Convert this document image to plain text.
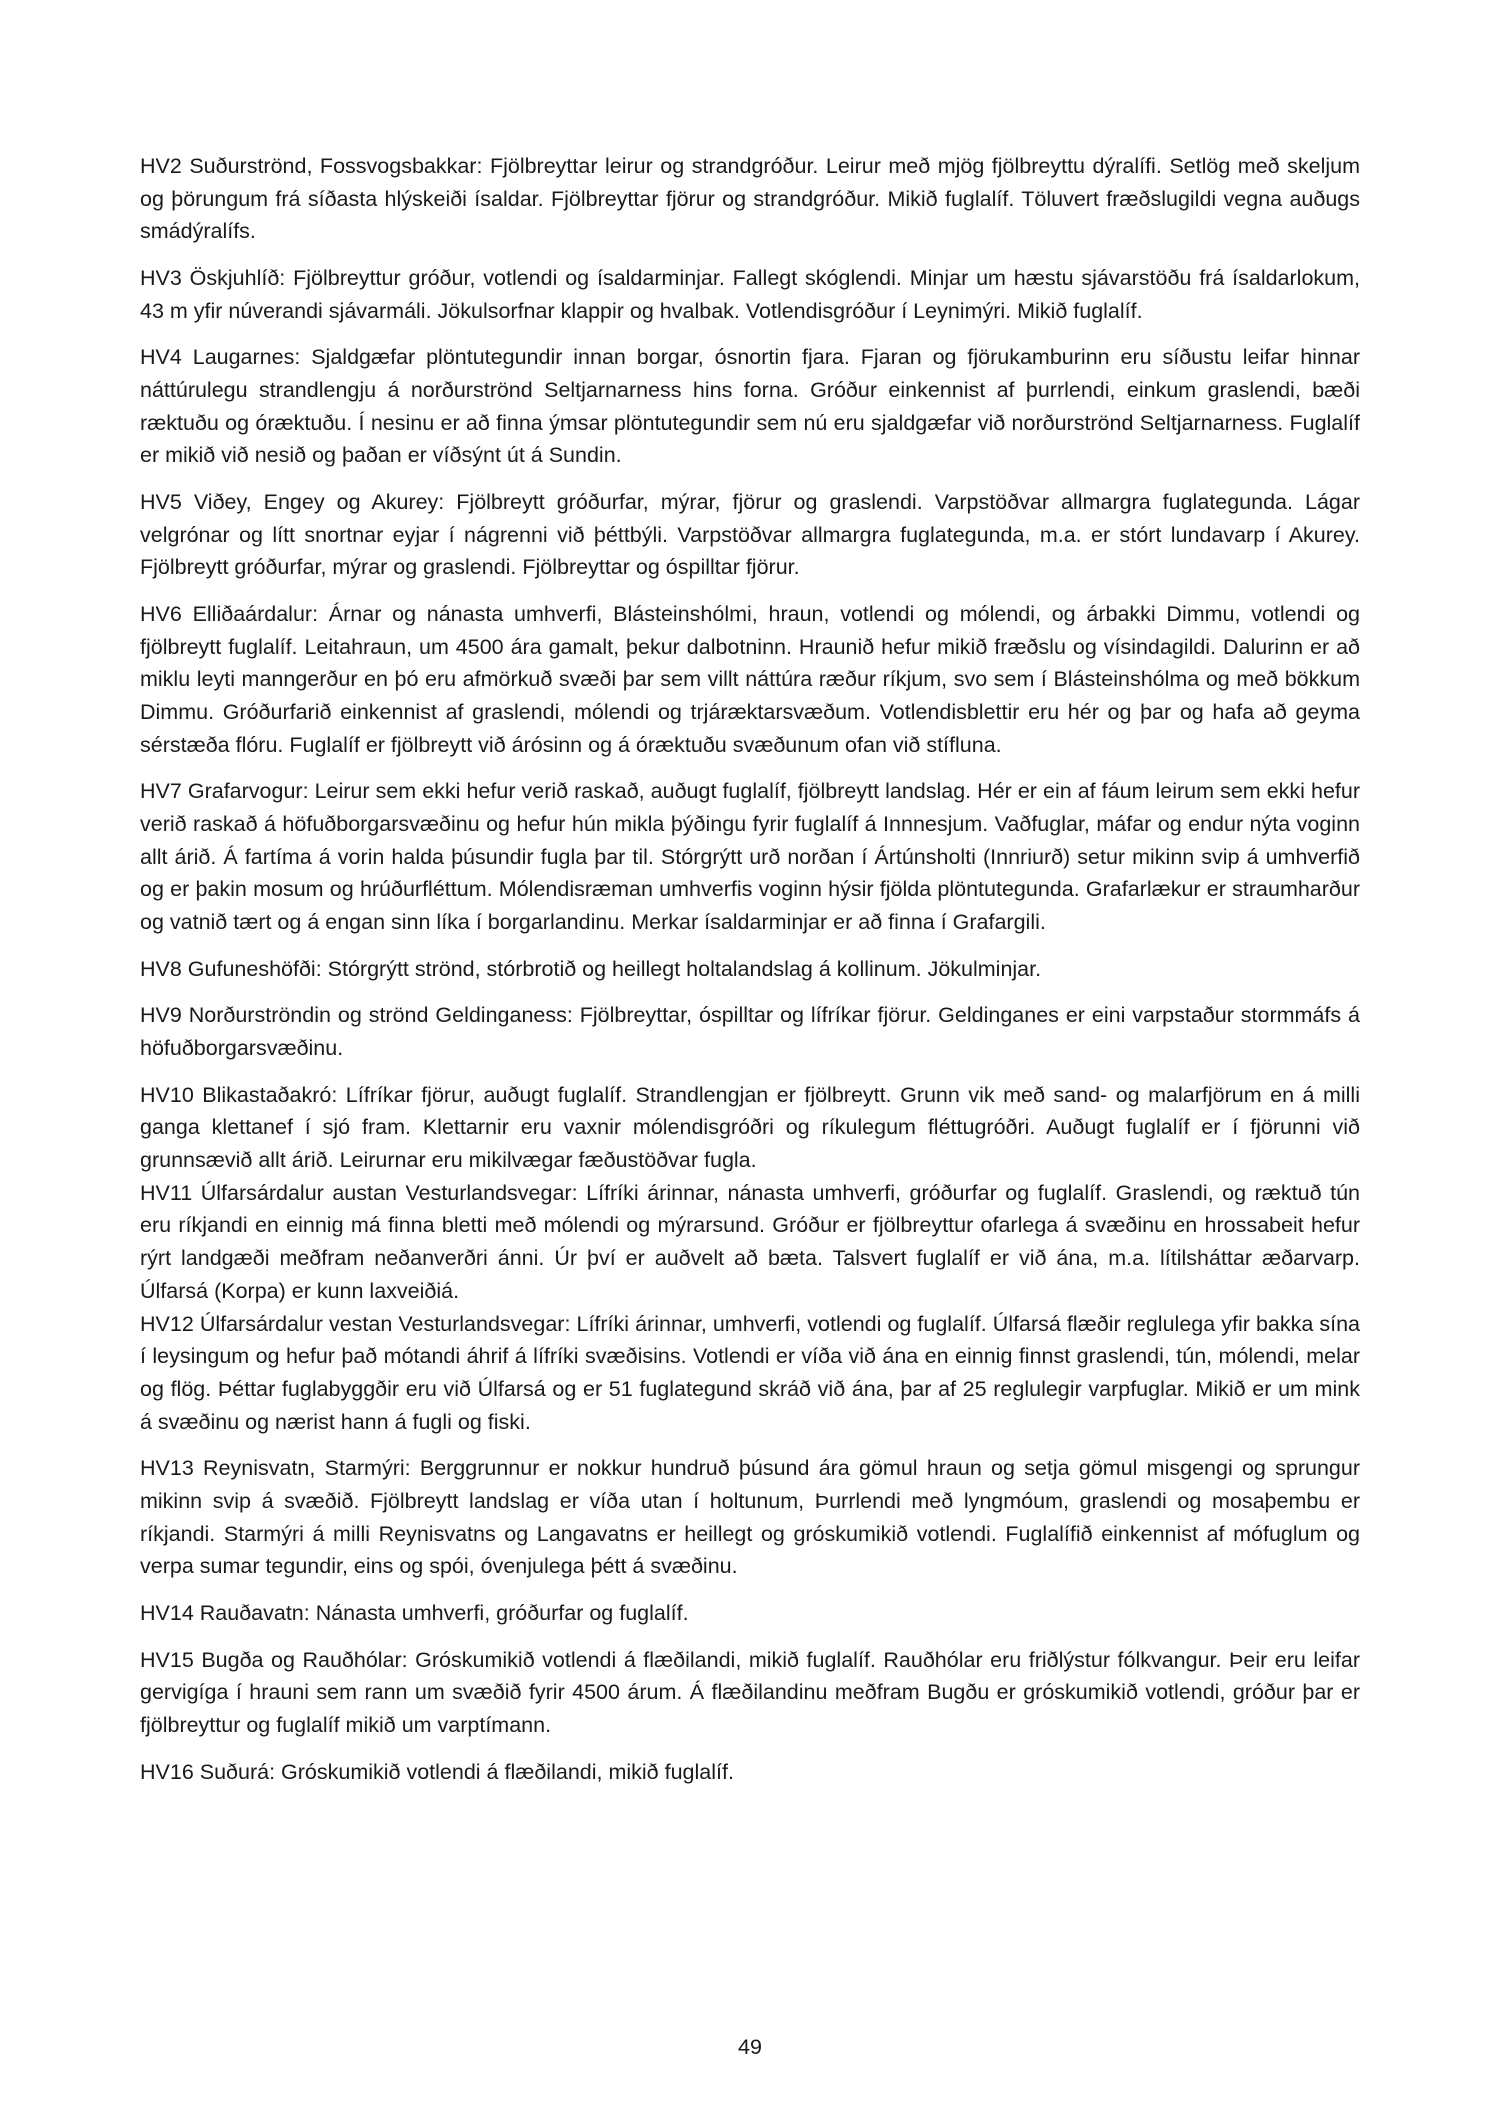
HV2 Suðurströnd, Fossvogsbakkar: Fjölbreyttar leirur og strandgróður. Leirur með mjög fjölbreyttu dýralífi. Setlög með skeljum og þörungum frá síðasta hlýskeiði ísaldar. Fjölbreyttar fjörur og strandgróður. Mikið fuglalíf. Töluvert fræðslugildi vegna auðugs smádýralífs.

HV3 Öskjuhlíð: Fjölbreyttur gróður, votlendi og ísaldarminjar. Fallegt skóglendi. Minjar um hæstu sjávarstöðu frá ísaldarlokum, 43 m yfir núverandi sjávarmáli. Jökulsorfnar klappir og hvalbak. Votlendisgróður í Leynimýri. Mikið fuglalíf.

HV4 Laugarnes: Sjaldgæfar plöntutegundir innan borgar, ósnortin fjara. Fjaran og fjörukamburinn eru síðustu leifar hinnar náttúrulegu strandlengju á norðurströnd Seltjarnarness hins forna. Gróður einkennist af þurrlendi, einkum graslendi, bæði ræktuðu og óræktuðu. Í nesinu er að finna ýmsar plöntutegundir sem nú eru sjaldgæfar við norðurströnd Seltjarnarness. Fuglalíf er mikið við nesið og þaðan er víðsýnt út á Sundin.

HV5 Viðey, Engey og Akurey: Fjölbreytt gróðurfar, mýrar, fjörur og graslendi. Varpstöðvar allmargra fuglategunda. Lágar velgrónar og lítt snortnar eyjar í nágrenni við þéttbýli. Varpstöðvar allmargra fuglategunda, m.a. er stórt lundavarp í Akurey. Fjölbreytt gróðurfar, mýrar og graslendi. Fjölbreyttar og óspilltar fjörur.

HV6 Elliðaárdalur: Árnar og nánasta umhverfi, Blásteinshólmi, hraun, votlendi og mólendi, og árbakki Dimmu, votlendi og fjölbreytt fuglalíf. Leitahraun, um 4500 ára gamalt, þekur dalbotninn. Hraunið hefur mikið fræðslu og vísindagildi. Dalurinn er að miklu leyti manngerður en þó eru afmörkuð svæði þar sem villt náttúra ræður ríkjum, svo sem í Blásteinshólma og með bökkum Dimmu. Gróðurfarið einkennist af graslendi, mólendi og trjáræktarsvæðum. Votlendisblettir eru hér og þar og hafa að geyma sérstæða flóru. Fuglalíf er fjölbreytt við árósinn og á óræktuðu svæðunum ofan við stífluna.

HV7 Grafarvogur: Leirur sem ekki hefur verið raskað, auðugt fuglalíf, fjölbreytt landslag. Hér er ein af fáum leirum sem ekki hefur verið raskað á höfuðborgarsvæðinu og hefur hún mikla þýðingu fyrir fuglalíf á Innnesjum. Vaðfuglar, máfar og endur nýta voginn allt árið. Á fartíma á vorin halda þúsundir fugla þar til. Stórgrýtt urð norðan í Ártúnsholti (Innriurð) setur mikinn svip á umhverfið og er þakin mosum og hrúðurfléttum. Mólendisræman umhverfis voginn hýsir fjölda plöntutegunda. Grafarlækur er straumharður og vatnið tært og á engan sinn líka í borgarlandinu. Merkar ísaldarminjar er að finna í Grafargili.

HV8 Gufuneshöfði: Stórgrýtt strönd, stórbrotið og heillegt holtalandslag á kollinum. Jökulminjar.

HV9 Norðurströndin og strönd Geldinganess: Fjölbreyttar, óspilltar og lífríkar fjörur. Geldinganes er eini varpstaður stormmáfs á höfuðborgarsvæðinu.

HV10 Blikastaðakró: Lífríkar fjörur, auðugt fuglalíf. Strandlengjan er fjölbreytt. Grunn vik með sand- og malarfjörum en á milli ganga klettanef í sjó fram. Klettarnir eru vaxnir mólendisgróðri og ríkulegum fléttugróðri. Auðugt fuglalíf er í fjörunni við grunnsævið allt árið. Leirurnar eru mikilvægar fæðustöðvar fugla.

HV11 Úlfarsárdalur austan Vesturlandsvegar: Lífríki árinnar, nánasta umhverfi, gróðurfar og fuglalíf. Graslendi, og ræktuð tún eru ríkjandi en einnig má finna bletti með mólendi og mýrarsund. Gróður er fjölbreyttur ofarlega á svæðinu en hrossabeit hefur rýrt landgæði meðfram neðanverðri ánni. Úr því er auðvelt að bæta. Talsvert fuglalíf er við ána, m.a. lítilsháttar æðarvarp. Úlfarsá (Korpa) er kunn laxveiðiá.

HV12 Úlfarsárdalur vestan Vesturlandsvegar: Lífríki árinnar, umhverfi, votlendi og fuglalíf. Úlfarsá flæðir reglulega yfir bakka sína í leysingum og hefur það mótandi áhrif á lífríki svæðisins. Votlendi er víða við ána en einnig finnst graslendi, tún, mólendi, melar og flög. Þéttar fuglabyggðir eru við Úlfarsá og er 51 fuglategund skráð við ána, þar af 25 reglulegir varpfuglar. Mikið er um mink á svæðinu og nærist hann á fugli og fiski.

HV13 Reynisvatn, Starmýri: Berggrunnur er nokkur hundruð þúsund ára gömul hraun og setja gömul misgengi og sprungur mikinn svip á svæðið. Fjölbreytt landslag er víða utan í holtunum, Þurrlendi með lyngmóum, graslendi og mosaþembu er ríkjandi. Starmýri á milli Reynisvatns og Langavatns er heillegt og gróskumikið votlendi. Fuglalífið einkennist af mófuglum og verpa sumar tegundir, eins og spói, óvenjulega þétt á svæðinu.

HV14 Rauðavatn: Nánasta umhverfi, gróðurfar og fuglalíf.

HV15 Bugða og Rauðhólar: Gróskumikið votlendi á flæðilandi, mikið fuglalíf. Rauðhólar eru friðlýstur fólkvangur. Þeir eru leifar gervigíga í hrauni sem rann um svæðið fyrir 4500 árum. Á flæðilandinu meðfram Bugðu er gróskumikið votlendi, gróður þar er fjölbreyttur og fuglalíf mikið um varptímann.

HV16 Suðurá: Gróskumikið votlendi á flæðilandi, mikið fuglalíf.

49
